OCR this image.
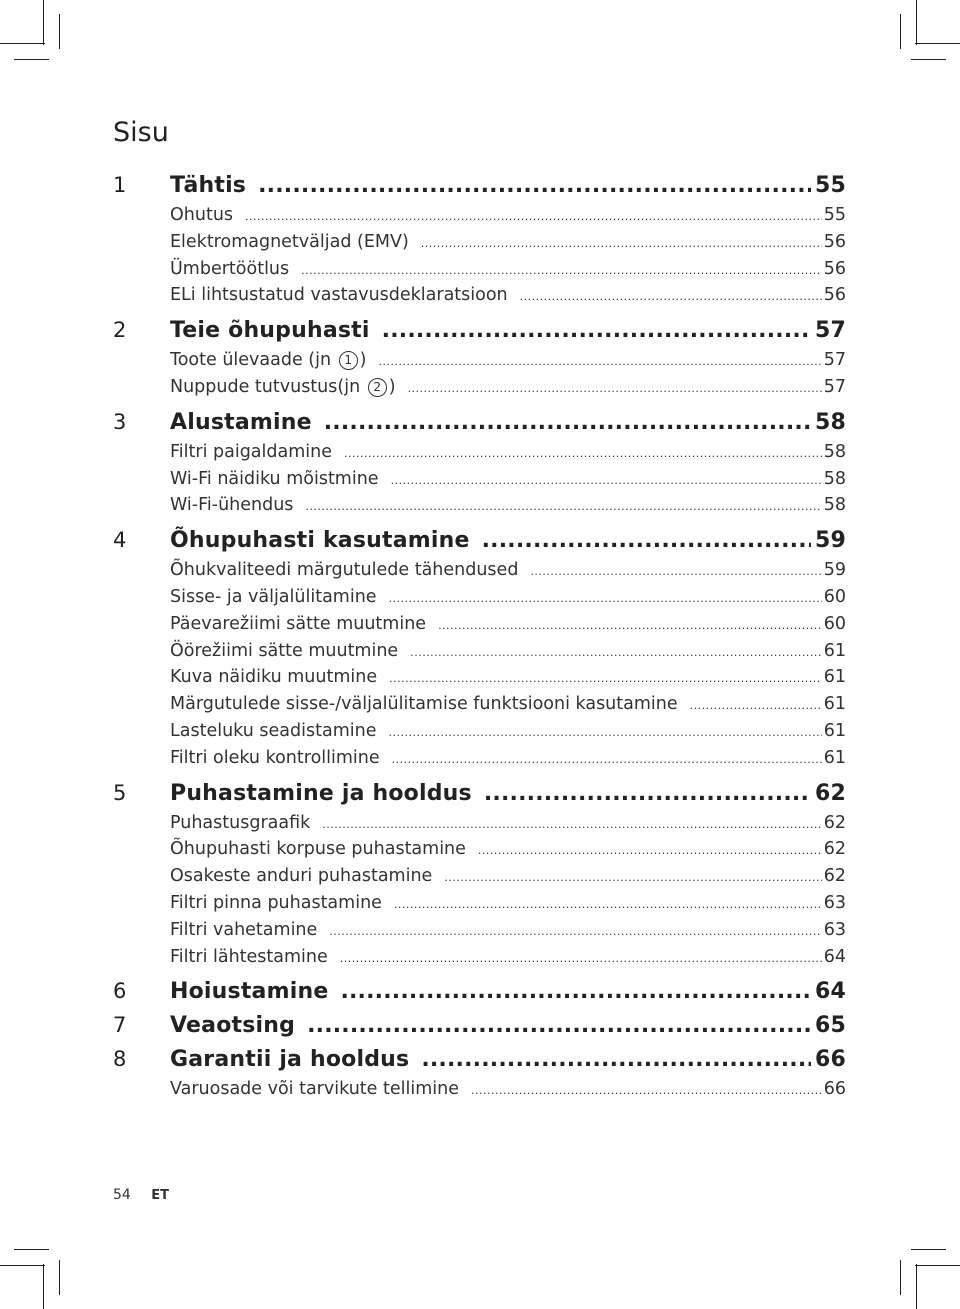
Sisu
1	Tähtis .....	55
Ohutus .....	55
Elektromagnetväljad (EMV) .....	56
Ümbertöötlus .....	56
ELi lihtsustatud vastavusdeklaratsioon .....	56
2	Teie õhupuhasti .....	57
Toote ülevaade (jn 1 ) .....	57
Nuppude tutvustus(jn 2 ) .....	57
3	Alustamine .....	58
Filtri paigaldamine .....	58
Wi-Fi näidiku mõistmine .....	58
Wi-Fi-ühendus .....	58
4	Õhupuhasti kasutamine .....	59
Õhukvaliteedi märgutulede tähendused .....	59
Sisse- ja väljalülitamine .....	60
Päevarežiimi sätte muutmine .....	60
Öörežiimi sätte muutmine .....	61
Kuva näidiku muutmine .....	61
Märgutulede sisse-/väljalülitamise funktsiooni kasutamine .....	61
Lasteluku seadistamine .....	61
Filtri oleku kontrollimine .....	61
5	Puhastamine ja hooldus .....	62
Puhastusgraafik .....	62
Õhupuhasti korpuse puhastamine .....	62
Osakeste anduri puhastamine .....	62
Filtri pinna puhastamine .....	63
Filtri vahetamine .....	63
Filtri lähtestamine .....	64
6	Hoiustamine .....	64
7	Veaotsing .....	65
8	Garantii ja hooldus .....	66
Varuosade või tarvikute tellimine .....	66
54 ET
